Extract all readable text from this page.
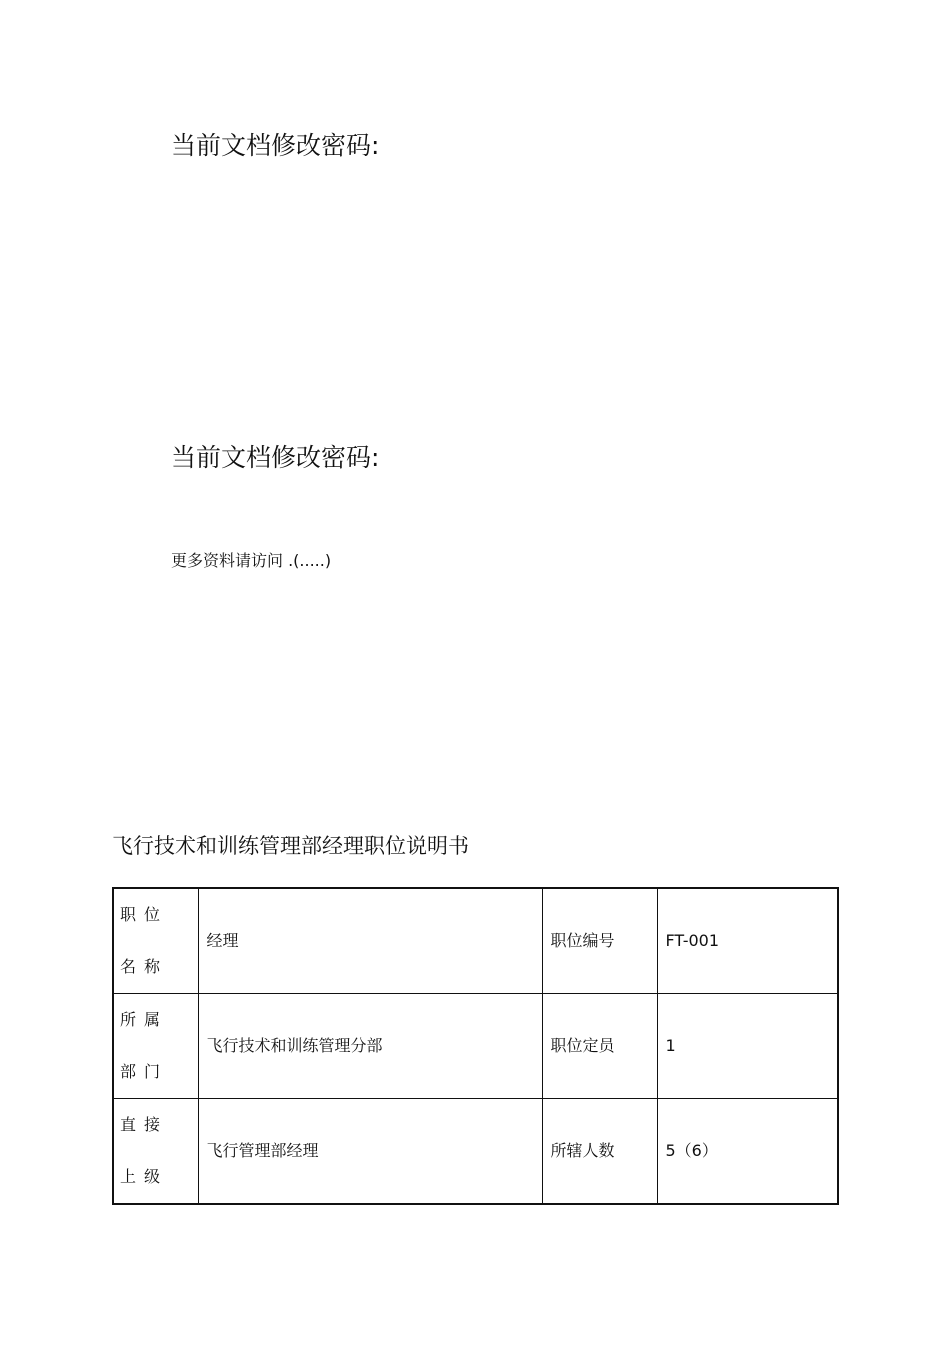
当前文档修改密码:
当前文档修改密码:
更多资料请访问 .(.....)
飞行技术和训练管理部经理职位说明书
职位名称	经理	职位编号	FT-001
所属部门	飞行技术和训练管理分部	职位定员	1
直接上级	飞行管理部经理	所辖人数	5（6）
